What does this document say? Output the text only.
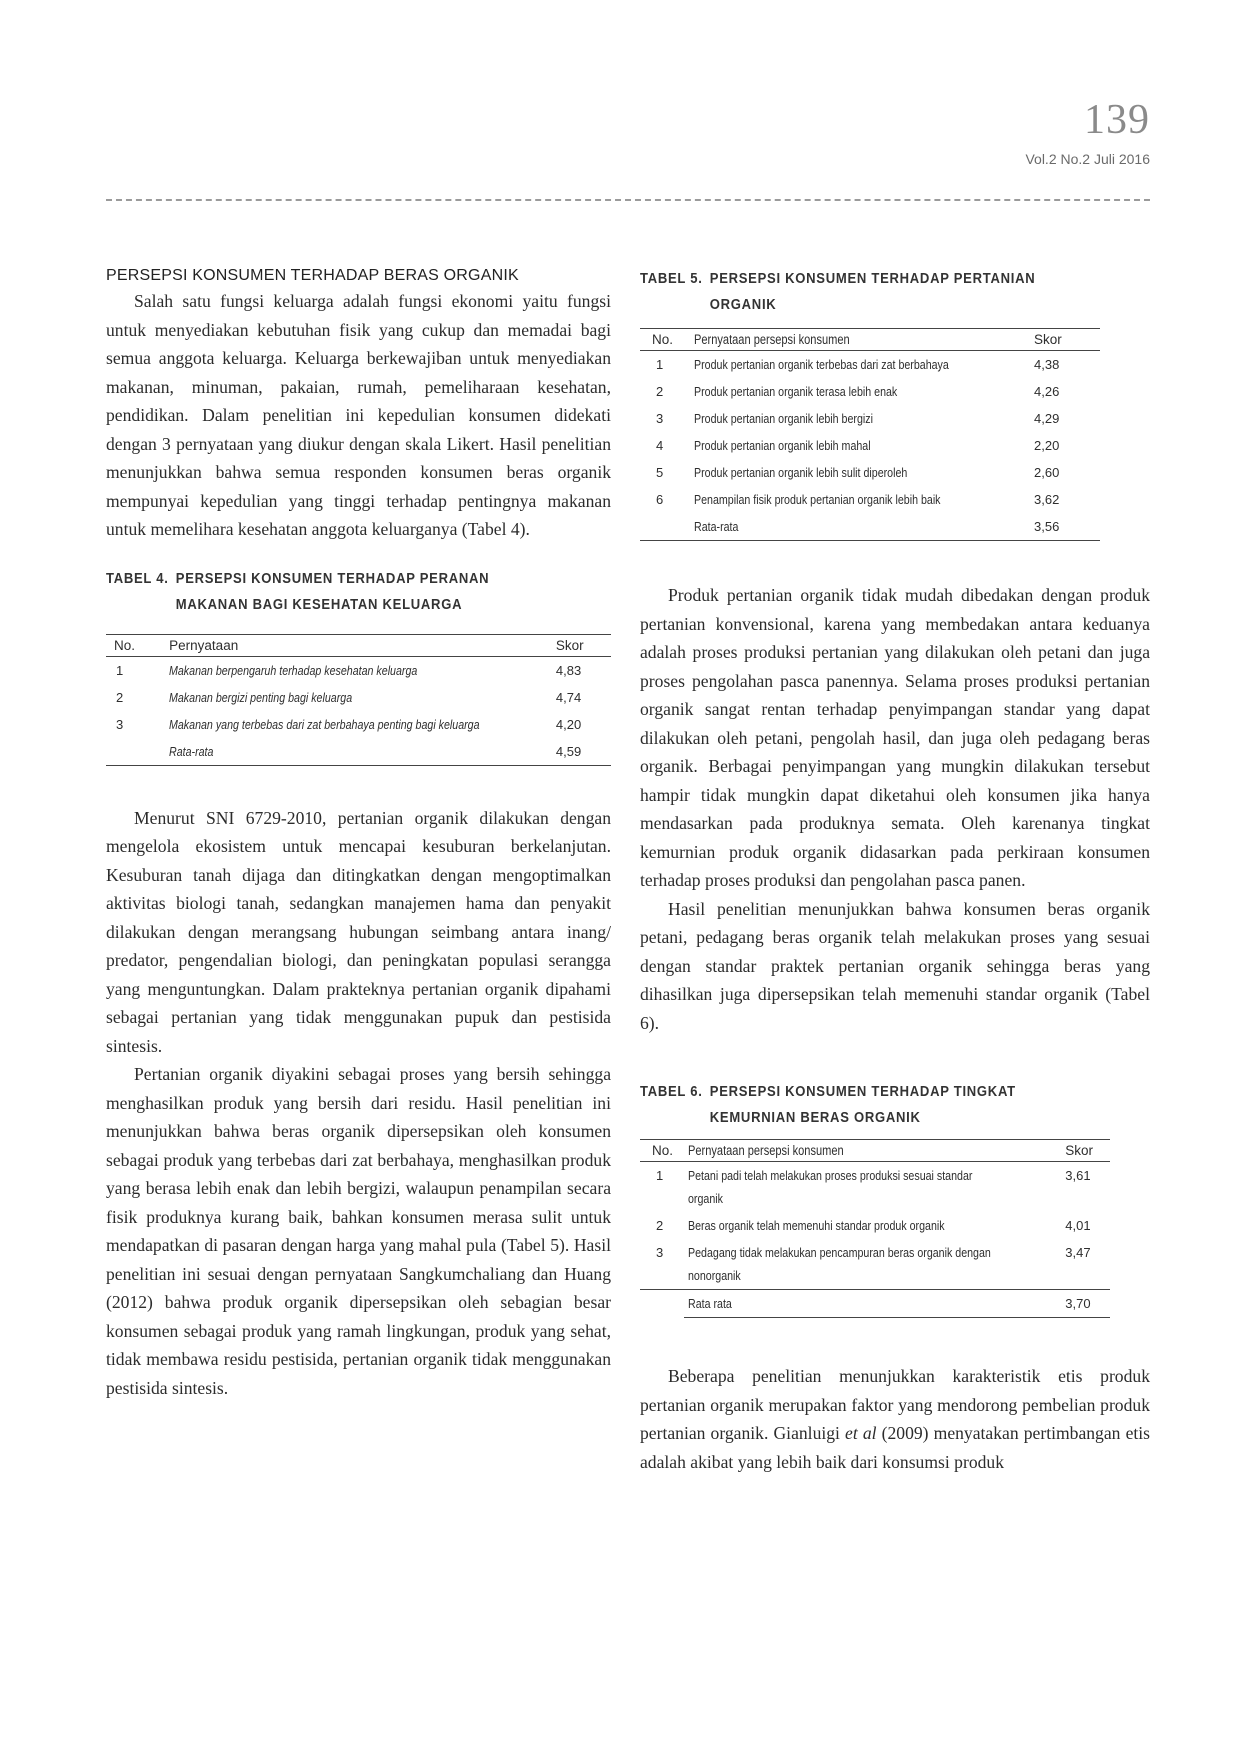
139
Vol.2 No.2 Juli 2016
PERSEPSI KONSUMEN TERHADAP BERAS ORGANIK

Salah satu fungsi keluarga adalah fungsi ekonomi yaitu fungsi untuk menyediakan kebutuhan fisik yang cukup dan memadai bagi semua anggota keluarga. Keluarga berkewajiban untuk menyediakan makanan, minuman, pakaian, rumah, pemeliharaan kesehatan, pendidikan. Dalam penelitian ini kepedulian konsumen didekati dengan 3 pernyataan yang diukur dengan skala Likert. Hasil penelitian menunjukkan bahwa semua responden konsumen beras organik mempunyai kepedulian yang tinggi terhadap pentingnya makanan untuk memelihara kesehatan anggota keluarganya (Tabel 4).

TABEL 4. PERSEPSI KONSUMEN TERHADAP PERANAN MAKANAN BAGI KESEHATAN KELUARGA
No.	Pernyataan	Skor
1	Makanan berpengaruh terhadap kesehatan keluarga	4,83
2	Makanan bergizi penting bagi keluarga	4,74
3	Makanan yang terbebas dari zat berbahaya penting bagi keluarga	4,20
	Rata-rata	4,59

Menurut SNI 6729-2010, pertanian organik dilakukan dengan mengelola ekosistem untuk mencapai kesuburan berkelanjutan. Kesuburan tanah dijaga dan ditingkatkan dengan mengoptimalkan aktivitas biologi tanah, sedangkan manajemen hama dan penyakit dilakukan dengan merangsang hubungan seimbang antara inang/ predator, pengendalian biologi, dan peningkatan populasi serangga yang menguntungkan. Dalam prakteknya pertanian organik dipahami sebagai pertanian yang tidak menggunakan pupuk dan pestisida sintesis.

Pertanian organik diyakini sebagai proses yang bersih sehingga menghasilkan produk yang bersih dari residu. Hasil penelitian ini menunjukkan bahwa beras organik dipersepsikan oleh konsumen sebagai produk yang terbebas dari zat berbahaya, menghasilkan produk yang berasa lebih enak dan lebih bergizi, walaupun penampilan secara fisik produknya kurang baik, bahkan konsumen merasa sulit untuk mendapatkan di pasaran dengan harga yang mahal pula (Tabel 5). Hasil penelitian ini sesuai dengan pernyataan Sangkumchaliang dan Huang (2012) bahwa produk organik dipersepsikan oleh sebagian besar konsumen sebagai produk yang ramah lingkungan, produk yang sehat, tidak membawa residu pestisida, pertanian organik tidak menggunakan pestisida sintesis.

TABEL 5. PERSEPSI KONSUMEN TERHADAP PERTANIAN ORGANIK
No.	Pernyataan persepsi konsumen	Skor
1	Produk pertanian organik terbebas dari zat berbahaya	4,38
2	Produk pertanian organik terasa lebih enak	4,26
3	Produk pertanian organik lebih bergizi	4,29
4	Produk pertanian organik lebih mahal	2,20
5	Produk pertanian organik lebih sulit diperoleh	2,60
6	Penampilan fisik produk pertanian organik lebih baik	3,62
	Rata-rata	3,56

Produk pertanian organik tidak mudah dibedakan dengan produk pertanian konvensional, karena yang membedakan antara keduanya adalah proses produksi pertanian yang dilakukan oleh petani dan juga proses pengolahan pasca panennya. Selama proses produksi pertanian organik sangat rentan terhadap penyimpangan standar yang dapat dilakukan oleh petani, pengolah hasil, dan juga oleh pedagang beras organik. Berbagai penyimpangan yang mungkin dilakukan tersebut hampir tidak mungkin dapat diketahui oleh konsumen jika hanya mendasarkan pada produknya semata. Oleh karenanya tingkat kemurnian produk organik didasarkan pada perkiraan konsumen terhadap proses produksi dan pengolahan pasca panen.

Hasil penelitian menunjukkan bahwa konsumen beras organik petani, pedagang beras organik telah melakukan proses yang sesuai dengan standar praktek pertanian organik sehingga beras yang dihasilkan juga dipersepsikan telah memenuhi standar organik (Tabel 6).

TABEL 6. PERSEPSI KONSUMEN TERHADAP TINGKAT KEMURNIAN BERAS ORGANIK
No.	Pernyataan persepsi konsumen	Skor
1	Petani padi telah melakukan proses produksi sesuai standar
organik	3,61
2	Beras organik telah memenuhi standar produk organik	4,01
3	Pedagang tidak melakukan pencampuran beras organik dengan
nonorganik	3,47
	Rata rata	3,70

Beberapa penelitian menunjukkan karakteristik etis produk pertanian organik merupakan faktor yang mendorong pembelian produk pertanian organik. Gianluigi et al (2009) menyatakan pertimbangan etis adalah akibat yang lebih baik dari konsumsi produk
